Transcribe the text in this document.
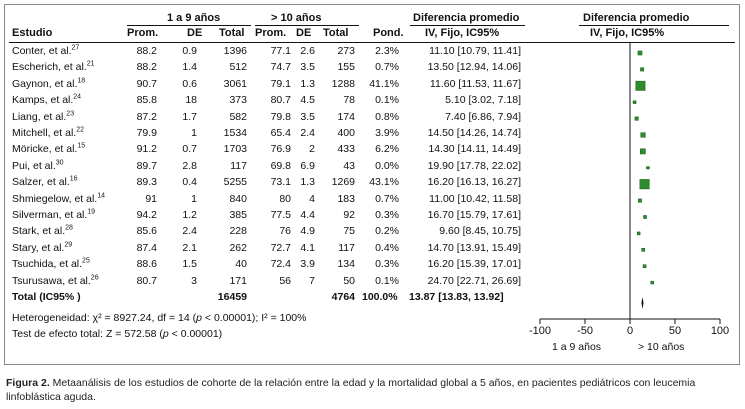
1 a 9 años	> 10 años	Diferencia promedio	Diferencia promedio
Estudio	Prom.	DE Total Prom. DE Total Pond. IV, Fijo, IC95%	IV, Fijo, IC95%
Conter, et al.$^{27}$	88.2	0.9	1396	77.1 2.6	273	2.3%	11.10 [10.79, 11.41]
Escherich, et al.$^{21}$	88.2	1.4	512	74.7 3.5	155	0.7%	13.50 [12.94, 14.06]
Gaynon, et al.$^{18}$	90.7	0.6	3061	79.1 1.3	1288	41.1%	11.60 [11.53, 11.67]
Kamps, et al.$^{24}$	85.8	18	373	80.7 4.5	78	0.1%	5.10 [3.02, 7.18]
Liang, et al.$^{23}$	87.2	1.7	582	79.8 3.5	174	0.8%	7.40 [6.86, 7.94]
Mitchell, et al.$^{22}$	79.9	1	1534	65.4 2.4	400	3.9%	14.50 [14.26, 14.74]
Möricke, et al.$^{15}$	91.2	0.7	1703	76.9	2	433	6.2%	14.30 [14.11, 14.49]
Pui, et al.$^{30}$	89.7	2.8	117	69.8 6.9	43	0.0%	19.90 [17.78, 22.02]
Salzer, et al.$^{16}$	89.3	0.4	5255	73.1 1.3	1269	43.1%	16.20 [16.13, 16.27]
Shmiegelow, et al.$^{14}$	91	1	840	80	4	183	0.7%	11.00 [10.42, 11.58]
Silverman, et al.$^{19}$	94.2	1.2	385	77.5 4.4	92	0.3%	16.70 [15.79, 17.61]
Stark, et al.$^{28}$	85.6	2.4	228	76 4.9	75	0.2%	9.60 [8.45, 10.75]
Stary, et al.$^{29}$	87.4	2.1	262	72.7 4.1	117	0.4%	14.70 [13.91, 15.49]
Tsuchida, et al.$^{25}$	88.6	1.5	40	72.4 3.9	134	0.3%	16.20 [15.39, 17.01]
Tsurusawa, et al.$^{26}$	80.7	3	171	56	7	50	0.1%	24.70 [22.71, 26.69]
Total (IC95% )	16459	4764 100.0% 13.87 [13.83, 13.92]
Heterogeneidad: χ² = 8927.24, df = 14 (p < 0.00001); I² = 100%
Test de efecto total: Z = 572.58 (p < 0.00001)	-100 -50	0	50	100
1 a 9 años	> 10 años
Figura 2. Metaanálisis de los estudios de cohorte de la relación entre la edad y la mortalidad global a 5 años, en pacientes pediátricos con leucemia linfoblástica aguda.
